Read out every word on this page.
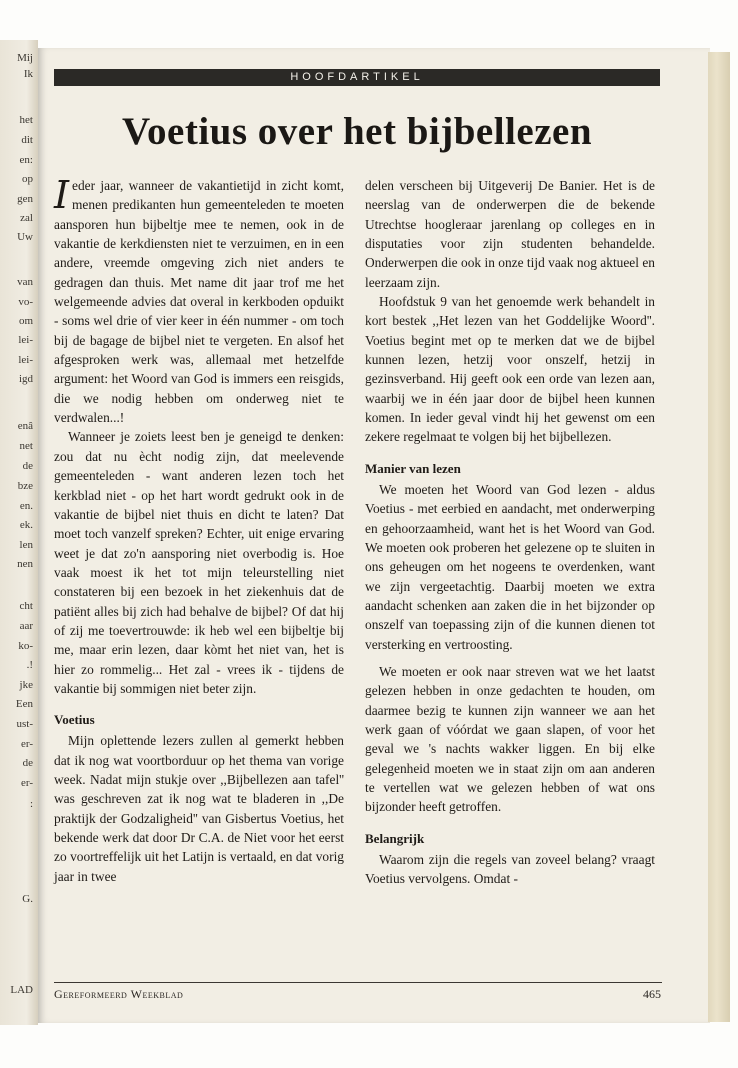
Mij
Ik
het
dit
en:
op
gen
zal
Uw
van
vo-
om
lei-
lei-
igd
enâ
net
de
bze
en.
ek.
len
nen
cht
aar
ko-
.!
jke
Een
ust-
er-
de
er-
:
G.
LAD
HOOFDARTIKEL
Voetius over het bijbellezen

Ieder jaar, wanneer de vakantietijd in zicht komt, menen predikanten hun gemeenteleden te moeten aansporen hun bijbeltje mee te nemen, ook in de vakantie de kerkdiensten niet te verzuimen, en in een andere, vreemde omgeving zich niet anders te gedragen dan thuis. Met name dit jaar trof me het welgemeende advies dat overal in kerkboden opduikt - soms wel drie of vier keer in één nummer - om toch bij de bagage de bijbel niet te vergeten. En alsof het afgesproken werk was, allemaal met hetzelfde argument: het Woord van God is immers een reisgids, die we nodig hebben om onderweg niet te verdwalen...!

Wanneer je zoiets leest ben je geneigd te denken: zou dat nu ècht nodig zijn, dat meelevende gemeenteleden - want anderen lezen toch het kerkblad niet - op het hart wordt gedrukt ook in de vakantie de bijbel niet thuis en dicht te laten? Dat moet toch vanzelf spreken? Echter, uit enige ervaring weet je dat zo'n aansporing niet overbodig is. Hoe vaak moest ik het tot mijn teleurstelling niet constateren bij een bezoek in het ziekenhuis dat de patiënt alles bij zich had behalve de bijbel? Of dat hij of zij me toevertrouwde: ik heb wel een bijbeltje bij me, maar erin lezen, daar kòmt het niet van, het is hier zo rommelig... Het zal - vrees ik - tijdens de vakantie bij sommigen niet beter zijn.

Voetius

Mijn oplettende lezers zullen al gemerkt hebben dat ik nog wat voortborduur op het thema van vorige week. Nadat mijn stukje over ,,Bijbellezen aan tafel'' was geschreven zat ik nog wat te bladeren in ,,De praktijk der Godzaligheid'' van Gisbertus Voetius, het bekende werk dat door Dr C.A. de Niet voor het eerst zo voortreffelijk uit het Latijn is vertaald, en dat vorig jaar in twee

delen verscheen bij Uitgeverij De Banier. Het is de neerslag van de onderwerpen die de bekende Utrechtse hoogleraar jarenlang op colleges en in disputaties voor zijn studenten behandelde. Onderwerpen die ook in onze tijd vaak nog aktueel en leerzaam zijn.

Hoofdstuk 9 van het genoemde werk behandelt in kort bestek ,,Het lezen van het Goddelijke Woord''. Voetius begint met op te merken dat we de bijbel kunnen lezen, hetzij voor onszelf, hetzij in gezinsverband. Hij geeft ook een orde van lezen aan, waarbij we in één jaar door de bijbel heen kunnen komen. In ieder geval vindt hij het gewenst om een zekere regelmaat te volgen bij het bijbellezen.

Manier van lezen

We moeten het Woord van God lezen - aldus Voetius - met eerbied en aandacht, met onderwerping en gehoorzaamheid, want het is het Woord van God. We moeten ook proberen het gelezene op te sluiten in ons geheugen om het nogeens te overdenken, want we zijn vergeetachtig. Daarbij moeten we extra aandacht schenken aan zaken die in het bijzonder op onszelf van toepassing zijn of die kunnen dienen tot versterking en vertroosting.

We moeten er ook naar streven wat we het laatst gelezen hebben in onze gedachten te houden, om daarmee bezig te kunnen zijn wanneer we aan het werk gaan of vóórdat we gaan slapen, of voor het geval we 's nachts wakker liggen. En bij elke gelegenheid moeten we in staat zijn om aan anderen te vertellen wat we gelezen hebben of wat ons bijzonder heeft getroffen.

Belangrijk

Waarom zijn die regels van zoveel belang? vraagt Voetius vervolgens. Omdat -

Gereformeerd Weekblad	465
